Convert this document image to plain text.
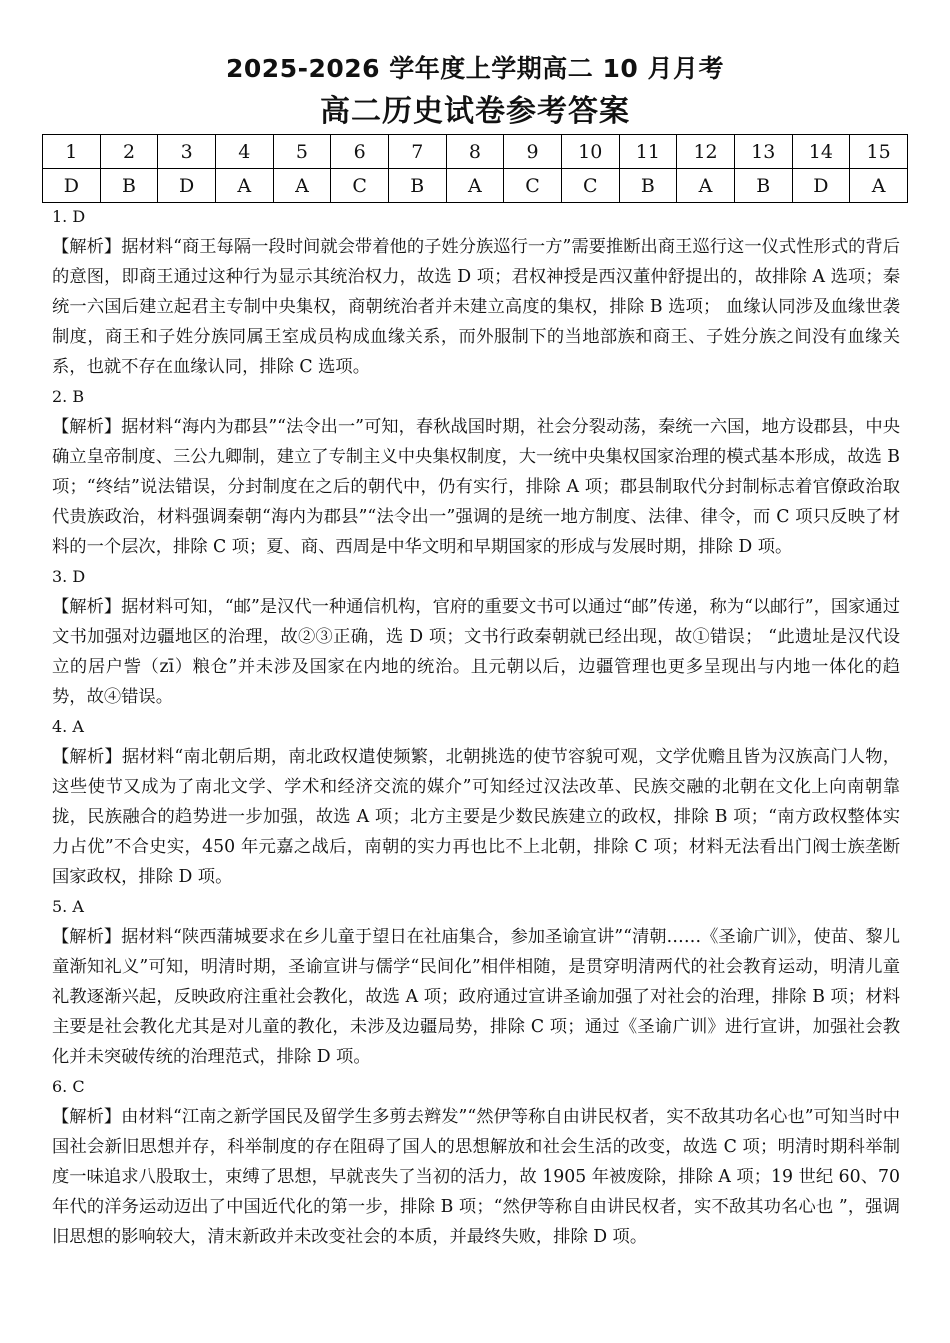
2025-2026 学年度上学期高二 10 月月考
高二历史试卷参考答案
1	2	3	4	5	6	7	8	9	10	11	12	13	14	15
D	B	D	A	A	C	B	A	C	C	B	A	B	D	A
1. D
【解析】据材料“商王每隔一段时间就会带着他的子姓分族巡行一方”需要推断出商王巡行这一仪式性形式的背后的意图，即商王通过这种行为显示其统治权力，故选 D 项；君权神授是西汉董仲舒提出的，故排除 A 选项；秦统一六国后建立起君主专制中央集权，商朝统治者并未建立高度的集权，排除 B 选项； 血缘认同涉及血缘世袭制度，商王和子姓分族同属王室成员构成血缘关系，而外服制下的当地部族和商王、子姓分族之间没有血缘关系，也就不存在血缘认同，排除 C 选项。
2. B
【解析】据材料“海内为郡县”“法令出一”可知，春秋战国时期，社会分裂动荡，秦统一六国，地方设郡县，中央确立皇帝制度、三公九卿制，建立了专制主义中央集权制度，大一统中央集权国家治理的模式基本形成，故选 B 项；“终结”说法错误，分封制度在之后的朝代中，仍有实行，排除 A 项；郡县制取代分封制标志着官僚政治取代贵族政治，材料强调秦朝“海内为郡县”“法令出一”强调的是统一地方制度、法律、律令，而 C 项只反映了材料的一个层次，排除 C 项；夏、商、西周是中华文明和早期国家的形成与发展时期，排除 D 项。
3. D
【解析】据材料可知，“邮”是汉代一种通信机构，官府的重要文书可以通过“邮”传递，称为“以邮行”，国家通过文书加强对边疆地区的治理，故②③正确，选 D 项；文书行政秦朝就已经出现，故①错误； “此遗址是汉代设立的居户訾（zī）粮仓”并未涉及国家在内地的统治。且元朝以后，边疆管理也更多呈现出与内地一体化的趋势，故④错误。
4. A
【解析】据材料“南北朝后期，南北政权遣使频繁，北朝挑选的使节容貌可观，文学优赡且皆为汉族高门人物，这些使节又成为了南北文学、学术和经济交流的媒介”可知经过汉法改革、民族交融的北朝在文化上向南朝靠拢，民族融合的趋势进一步加强，故选 A 项；北方主要是少数民族建立的政权，排除 B 项；“南方政权整体实力占优”不合史实，450 年元嘉之战后，南朝的实力再也比不上北朝，排除 C 项；材料无法看出门阀士族垄断国家政权，排除 D 项。
5. A
【解析】据材料“陕西蒲城要求在乡儿童于望日在社庙集合，参加圣谕宣讲”“清朝……《圣谕广训》，使苗、黎儿童渐知礼义”可知，明清时期，圣谕宣讲与儒学“民间化”相伴相随，是贯穿明清两代的社会教育运动，明清儿童礼教逐渐兴起，反映政府注重社会教化，故选 A 项；政府通过宣讲圣谕加强了对社会的治理，排除 B 项；材料主要是社会教化尤其是对儿童的教化，未涉及边疆局势，排除 C 项；通过《圣谕广训》进行宣讲，加强社会教化并未突破传统的治理范式，排除 D 项。
6. C
【解析】由材料“江南之新学国民及留学生多剪去辫发”“然伊等称自由讲民权者，实不敌其功名心也”可知当时中国社会新旧思想并存，科举制度的存在阻碍了国人的思想解放和社会生活的改变，故选 C 项；明清时期科举制度一味追求八股取士，束缚了思想，早就丧失了当初的活力，故 1905 年被废除，排除 A 项；19 世纪 60、70 年代的洋务运动迈出了中国近代化的第一步，排除 B 项；“然伊等称自由讲民权者，实不敌其功名心也 ”，强调旧思想的影响较大，清末新政并未改变社会的本质，并最终失败，排除 D 项。
